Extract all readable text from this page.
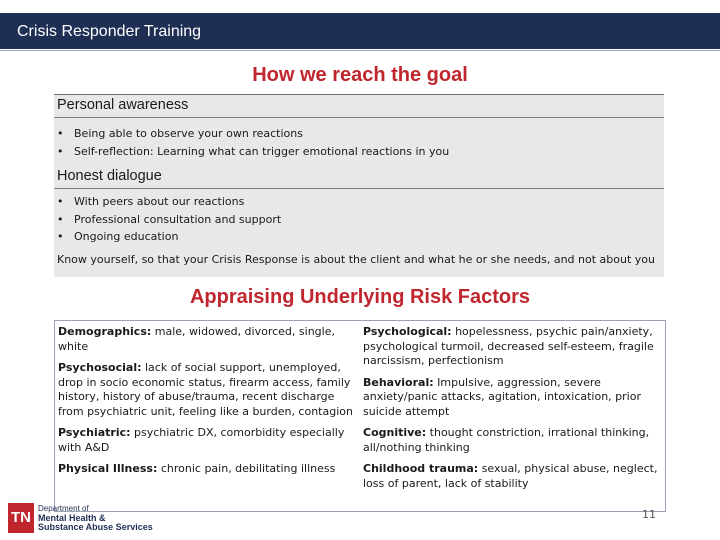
Crisis Responder Training
How we reach the goal
Personal awareness
• Being able to observe your own reactions
• Self-reflection: Learning what can trigger emotional reactions in you
Honest dialogue
• With peers about our reactions
• Professional consultation and support
• Ongoing education
Know yourself, so that your Crisis Response is about the client and what he or she needs, and not about you
Appraising Underlying Risk Factors

Demographics: male, widowed, divorced, single, white

Psychosocial: lack of social support, unemployed, drop in socio economic status, firearm access, family history, history of abuse/trauma, recent discharge from psychiatric unit, feeling like a burden, contagion

Psychiatric: psychiatric DX, comorbidity especially with A&D

Physical Illness: chronic pain, debilitating illness

Psychological: hopelessness, psychic pain/anxiety, psychological turmoil, decreased self-esteem, fragile narcissism, perfectionism

Behavioral: Impulsive, aggression, severe anxiety/panic attacks, agitation, intoxication, prior suicide attempt

Cognitive: thought constriction, irrational thinking, all/nothing thinking

Childhood trauma: sexual, physical abuse, neglect, loss of parent, lack of stability

TN
Department of
Mental Health &
Substance Abuse Services
11
